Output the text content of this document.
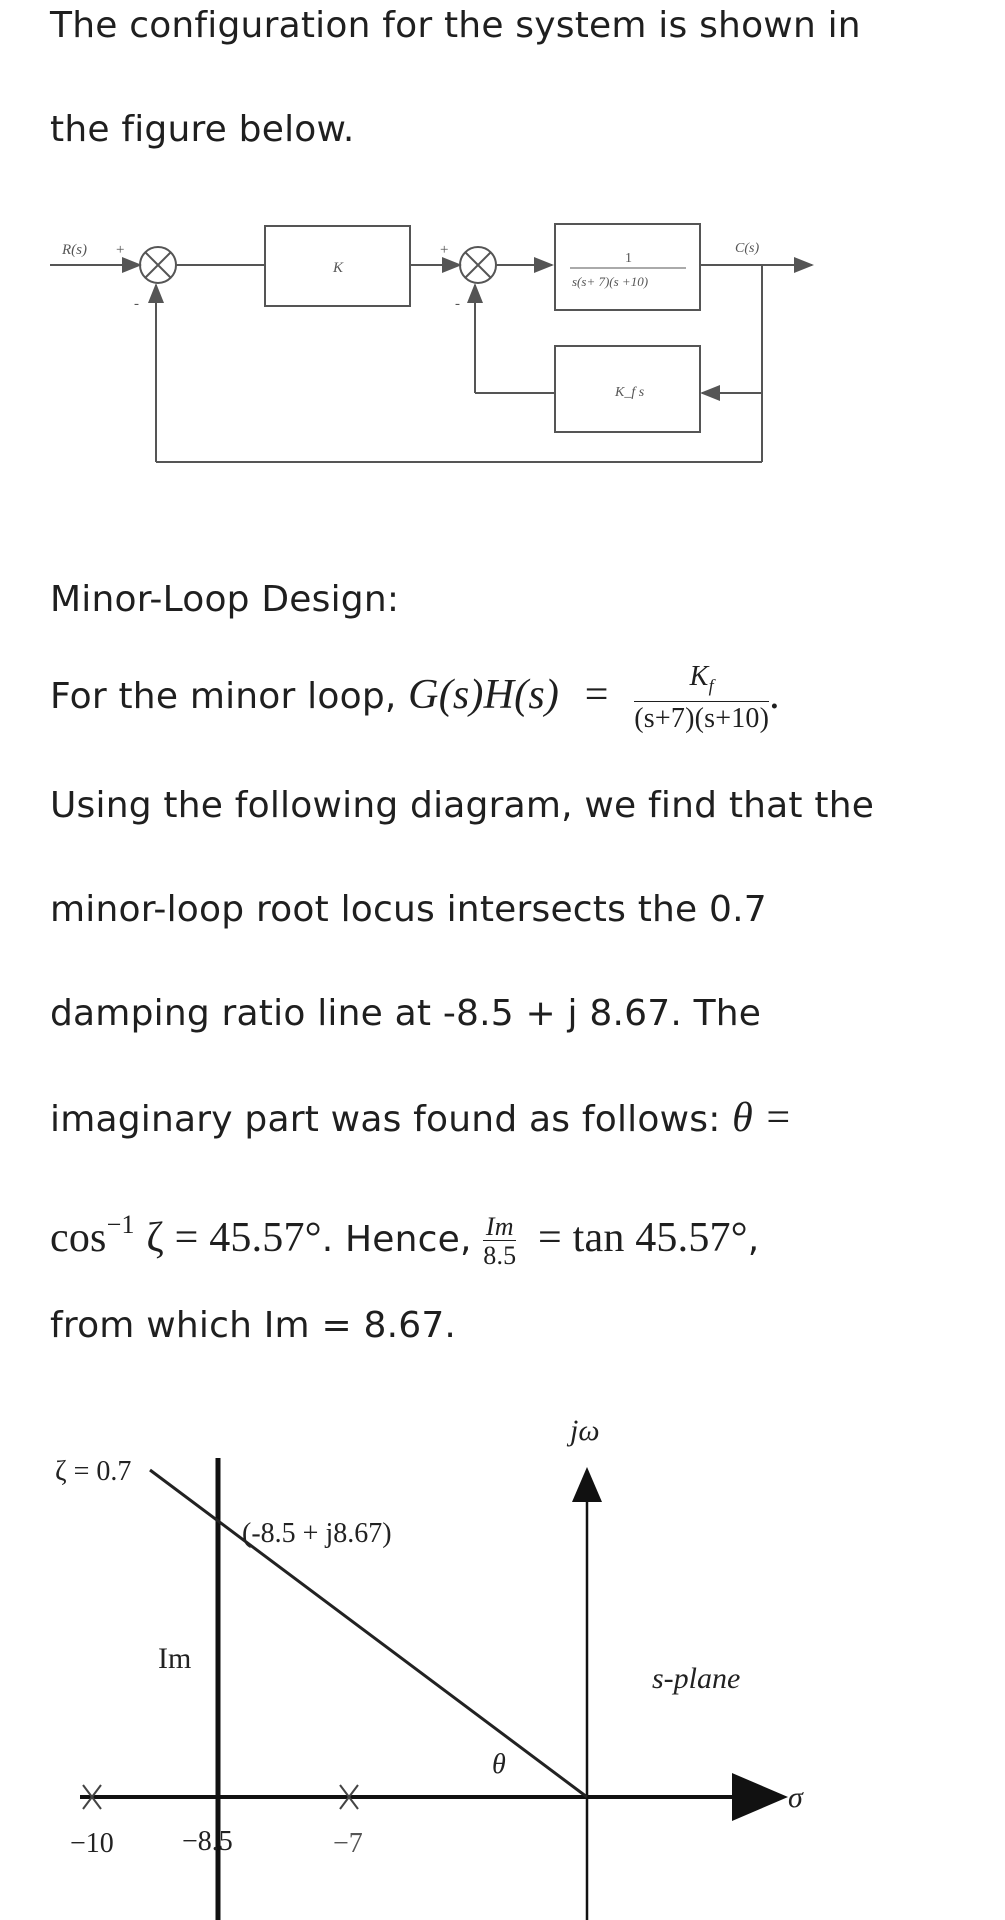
The configuration for the system is shown in
the figure below.
R(s) +
-
K
+
-
1
s(s+ 7)(s +10)
C(s)
K_f s
Minor-Loop Design:
For the minor loop, $G(s)H(s) = \frac{K_f}{(s+7)(s+10)}$ .
Using the following diagram, we find that the
minor-loop root locus intersects the 0.7
damping ratio line at -8.5 + j 8.67. The
imaginary part was found as follows: θ =
$\cos^{-1} \zeta = 45.57^\circ$. Hence, $\frac{Im}{8.5} = \tan 45.57^\circ$,
from which Im = 8.67.
ζ = 0.7
(-8.5 + j8.67)
Im
θ
jω
s-plane
σ
−10 −8.5	−7
